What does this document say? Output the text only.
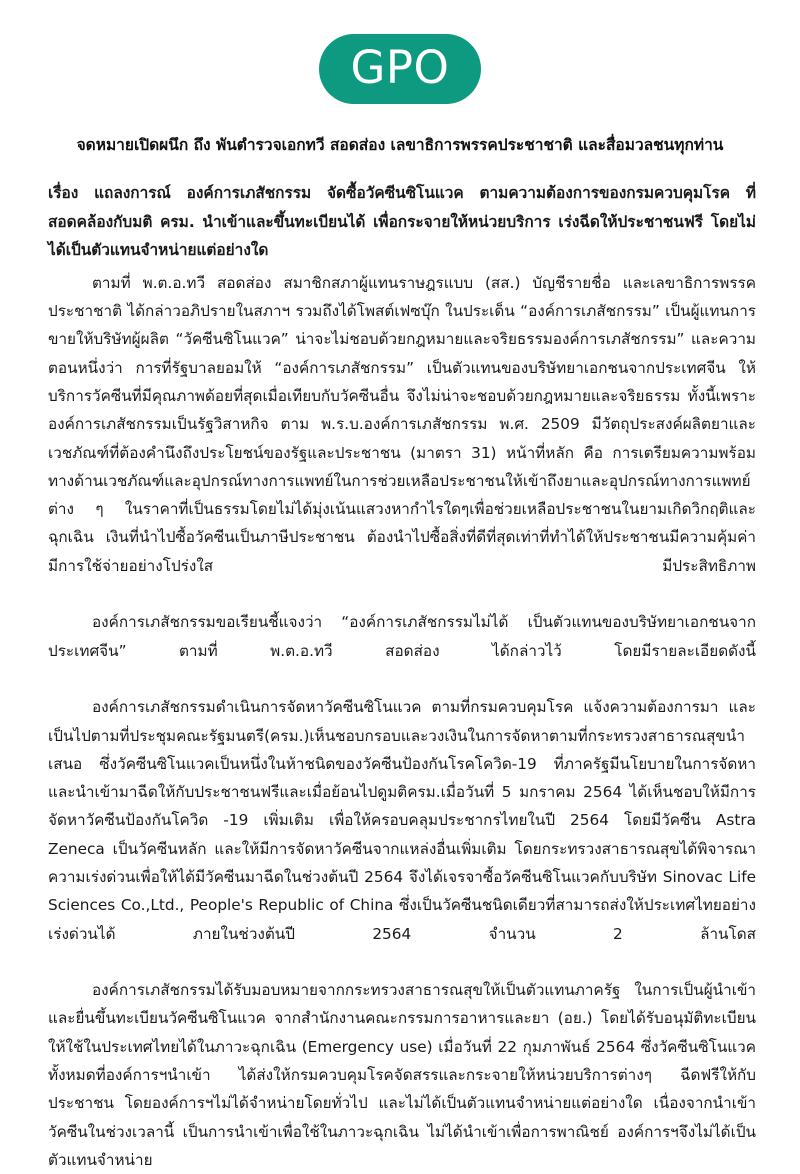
GPO
จดหมายเปิดผนึก ถึง พันตำรวจเอกทวี สอดส่อง เลขาธิการพรรคประชาชาติ และสื่อมวลชนทุกท่าน

เรื่อง แถลงการณ์ องค์การเภสัชกรรม จัดซื้อวัคซีนซิโนแวค ตามความต้องการของกรมควบคุมโรค ที่สอดคล้องกับมติ ครม. นำเข้าและขึ้นทะเบียนได้ เพื่อกระจายให้หน่วยบริการ เร่งฉีดให้ประชาชนฟรี โดยไม่ได้เป็นตัวแทนจำหน่ายแต่อย่างใด

ตามที่ พ.ต.อ.ทวี สอดส่อง สมาชิกสภาผู้แทนราษฎรแบบ (สส.) บัญชีรายชื่อ และเลขาธิการพรรคประชาชาติ ได้กล่าวอภิปรายในสภาฯ รวมถึงได้โพสต์เฟซบุ๊ก ในประเด็น “องค์การเภสัชกรรม” เป็นผู้แทนการขายให้บริษัทผู้ผลิต “วัคซีนซิโนแวค” น่าจะไม่ชอบด้วยกฎหมายและจริยธรรมองค์การเภสัชกรรม” และความตอนหนึ่งว่า การที่รัฐบาลยอมให้ “องค์การเภสัชกรรม” เป็นตัวแทนของบริษัทยาเอกชนจากประเทศจีน ให้บริการวัคซีนที่มีคุณภาพด้อยที่สุดเมื่อเทียบกับวัคซีนอื่น จึงไม่น่าจะชอบด้วยกฎหมายและจริยธรรม ทั้งนี้เพราะองค์การเภสัชกรรมเป็นรัฐวิสาหกิจ ตาม พ.ร.บ.องค์การเภสัชกรรม พ.ศ. 2509 มีวัตถุประสงค์ผลิตยาและเวชภัณฑ์ที่ต้องคำนึงถึงประโยชน์ของรัฐและประชาชน (มาตรา 31) หน้าที่หลัก คือ การเตรียมความพร้อมทางด้านเวชภัณฑ์และอุปกรณ์ทางการแพทย์ในการช่วยเหลือประชาชนให้เข้าถึงยาและอุปกรณ์ทางการแพทย์ต่าง ๆ ในราคาที่เป็นธรรมโดยไม่ได้มุ่งเน้นแสวงหากำไรใดๆเพื่อช่วยเหลือประชาชนในยามเกิดวิกฤติและฉุกเฉิน เงินที่นำไปซื้อวัคซีนเป็นภาษีประชาชน ต้องนำไปซื้อสิ่งที่ดีที่สุดเท่าที่ทำได้ให้ประชาชนมีความคุ้มค่า มีการใช้จ่ายอย่างโปร่งใส มีประสิทธิภาพ

องค์การเภสัชกรรมขอเรียนชี้แจงว่า “องค์การเภสัชกรรมไม่ได้ เป็นตัวแทนของบริษัทยาเอกชนจากประเทศจีน” ตามที่ พ.ต.อ.ทวี สอดส่อง ได้กล่าวไว้ โดยมีรายละเอียดดังนี้

องค์การเภสัชกรรมดำเนินการจัดหาวัคซีนซิโนแวค ตามที่กรมควบคุมโรค แจ้งความต้องการมา และเป็นไปตามที่ประชุมคณะรัฐมนตรี(ครม.)เห็นชอบกรอบและวงเงินในการจัดหาตามที่กระทรวงสาธารณสุขนำเสนอ ซึ่งวัคซีนซิโนแวคเป็นหนึ่งในห้าชนิดของวัคซีนป้องกันโรคโควิด-19 ที่ภาครัฐมีนโยบายในการจัดหาและนำเข้ามาฉีดให้กับประชาชนฟรีและเมื่อย้อนไปดูมติครม.เมื่อวันที่ 5 มกราคม 2564 ได้เห็นชอบให้มีการจัดหาวัคซีนป้องกันโควิด -19 เพิ่มเติม เพื่อให้ครอบคลุมประชากรไทยในปี 2564 โดยมีวัคซีน Astra Zeneca เป็นวัคซีนหลัก และให้มีการจัดหาวัคซีนจากแหล่งอื่นเพิ่มเติม โดยกระทรวงสาธารณสุขได้พิจารณาความเร่งด่วนเพื่อให้ได้มีวัคซีนมาฉีดในช่วงต้นปี 2564 จึงได้เจรจาซื้อวัคซีนซิโนแวคกับบริษัท Sinovac Life Sciences Co.,Ltd., People's Republic of China ซึ่งเป็นวัคซีนชนิดเดียวที่สามารถส่งให้ประเทศไทยอย่างเร่งด่วนได้ ภายในช่วงต้นปี 2564 จำนวน 2 ล้านโดส

องค์การเภสัชกรรมได้รับมอบหมายจากกระทรวงสาธารณสุขให้เป็นตัวแทนภาครัฐ ในการเป็นผู้นำเข้าและยื่นขึ้นทะเบียนวัคซีนซิโนแวค จากสำนักงานคณะกรรมการอาหารและยา (อย.) โดยได้รับอนุมัติทะเบียนให้ใช้ในประเทศไทยได้ในภาวะฉุกเฉิน (Emergency use) เมื่อวันที่ 22 กุมภาพันธ์ 2564 ซึ่งวัคซีนซิโนแวคทั้งหมดที่องค์การฯนำเข้า ได้ส่งให้กรมควบคุมโรคจัดสรรและกระจายให้หน่วยบริการต่างๆ ฉีดฟรีให้กับประชาชน โดยองค์การฯไม่ได้จำหน่ายโดยทั่วไป และไม่ได้เป็นตัวแทนจำหน่ายแต่อย่างใด เนื่องจากนำเข้าวัคซีนในช่วงเวลานี้ เป็นการนำเข้าเพื่อใช้ในภาวะฉุกเฉิน ไม่ได้นำเข้าเพื่อการพาณิชย์ องค์การฯจึงไม่ได้เป็นตัวแทนจำหน่าย
